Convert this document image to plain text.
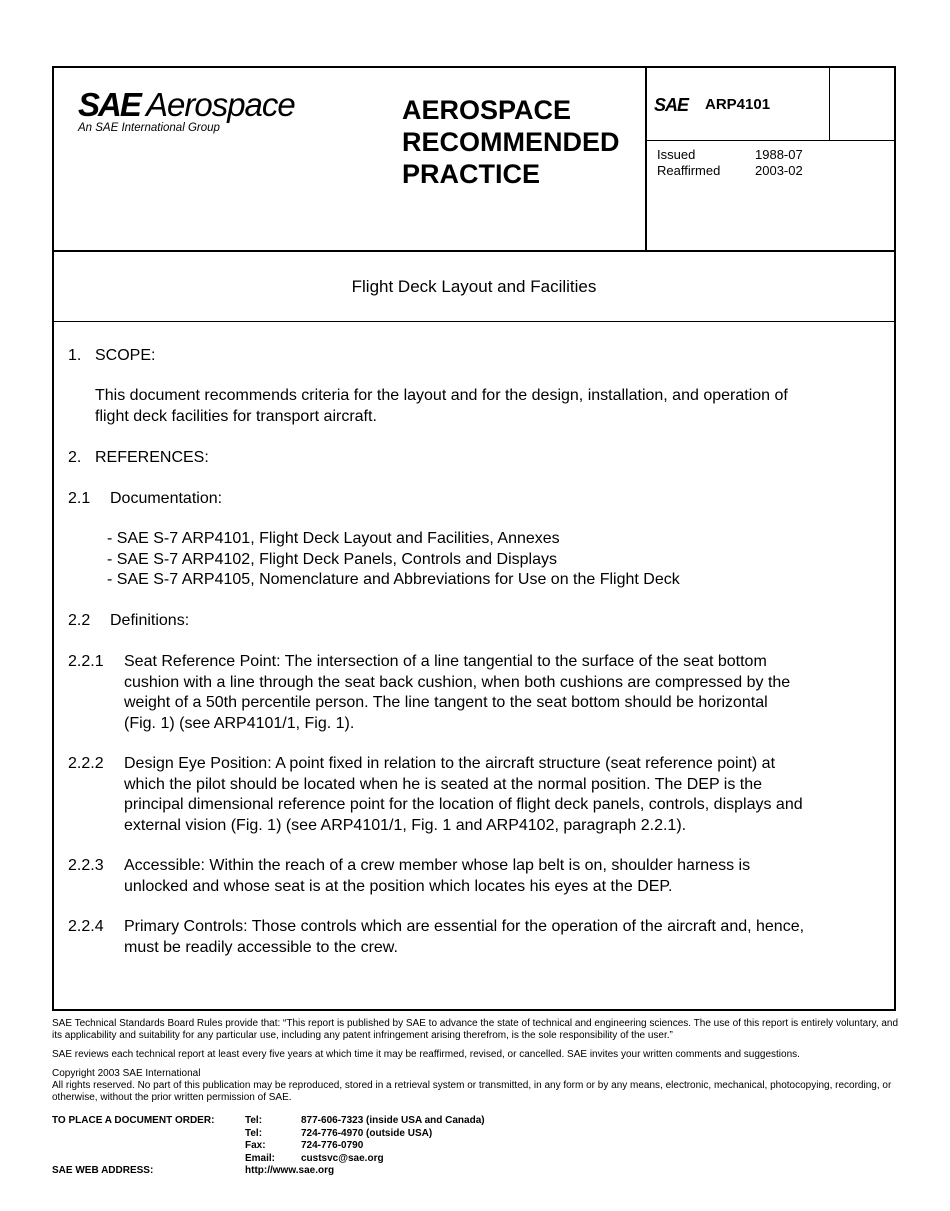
SAE Aerospace
An SAE International Group
AEROSPACE
RECOMMENDED
PRACTICE
SAE ARP4101
Issued	1988-07
Reaffirmed	2003-02
Flight Deck Layout and Facilities
1. SCOPE:
This document recommends criteria for the layout and for the design, installation, and operation of
flight deck facilities for transport aircraft.
2. REFERENCES:
2.1 Documentation:
- SAE S-7 ARP4101, Flight Deck Layout and Facilities, Annexes
- SAE S-7 ARP4102, Flight Deck Panels, Controls and Displays
- SAE S-7 ARP4105, Nomenclature and Abbreviations for Use on the Flight Deck
2.2 Definitions:
2.2.1 Seat Reference Point: The intersection of a line tangential to the surface of the seat bottom
cushion with a line through the seat back cushion, when both cushions are compressed by the
weight of a 50th percentile person. The line tangent to the seat bottom should be horizontal
(Fig. 1) (see ARP4101/1, Fig. 1).
2.2.2 Design Eye Position: A point fixed in relation to the aircraft structure (seat reference point) at
which the pilot should be located when he is seated at the normal position. The DEP is the
principal dimensional reference point for the location of flight deck panels, controls, displays and
external vision (Fig. 1) (see ARP4101/1, Fig. 1 and ARP4102, paragraph 2.2.1).
2.2.3 Accessible: Within the reach of a crew member whose lap belt is on, shoulder harness is
unlocked and whose seat is at the position which locates his eyes at the DEP.
2.2.4 Primary Controls: Those controls which are essential for the operation of the aircraft and, hence,
must be readily accessible to the crew.

SAE Technical Standards Board Rules provide that: “This report is published by SAE to advance the state of technical and engineering sciences. The use of this report is entirely voluntary, and its applicability and suitability for any particular use, including any patent infringement arising therefrom, is the sole responsibility of the user.”

SAE reviews each technical report at least every five years at which time it may be reaffirmed, revised, or cancelled. SAE invites your written comments and suggestions.

Copyright 2003 SAE International

All rights reserved. No part of this publication may be reproduced, stored in a retrieval system or transmitted, in any form or by any means, electronic, mechanical, photocopying, recording, or otherwise, without the prior written permission of SAE.

TO PLACE A DOCUMENT ORDER:	Tel:	877-606-7323 (inside USA and Canada)
Tel:	724-776-4970 (outside USA)
Fax:	724-776-0790
Email:	custsvc@sae.org
SAE WEB ADDRESS:	http://www.sae.org
